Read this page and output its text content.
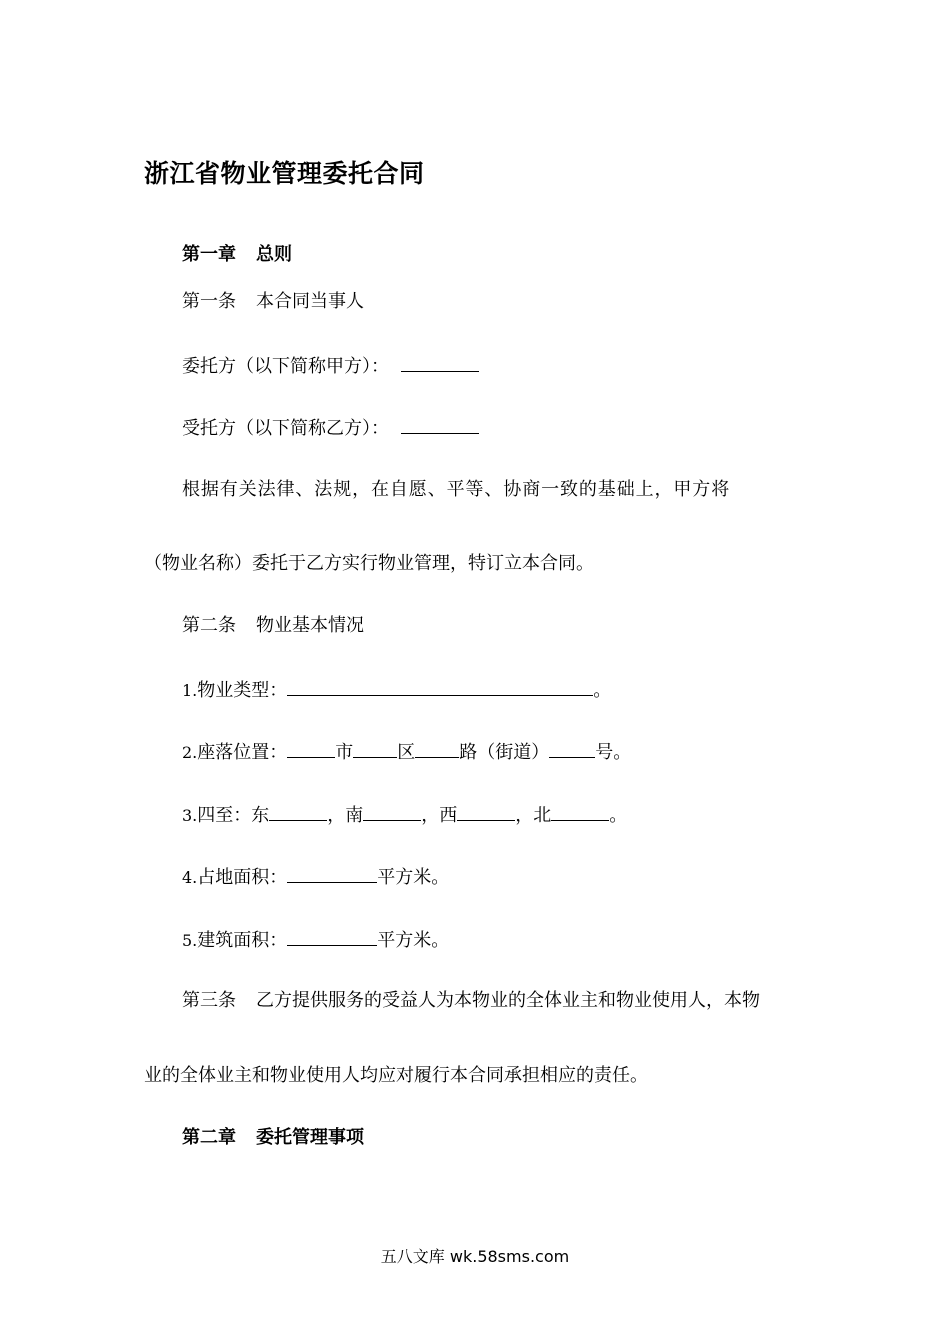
浙江省物业管理委托合同
第一章 总则
第一条 本合同当事人
委托方（以下简称甲方）：
受托方（以下简称乙方）：
根据有关法律、法规，在自愿、平等、协商一致的基础上，甲方将
（物业名称）委托于乙方实行物业管理，特订立本合同。
第二条 物业基本情况
1.物业类型：	。
2.座落位置：	市 区 路（街道）	号。
3.四至：东	，南	，西	，北	。
4.占地面积：	平方米。
5.建筑面积：	平方米。
第三条 乙方提供服务的受益人为本物业的全体业主和物业使用人，本物
业的全体业主和物业使用人均应对履行本合同承担相应的责任。
第二章 委托管理事项
五八文库 wk.58sms.com
